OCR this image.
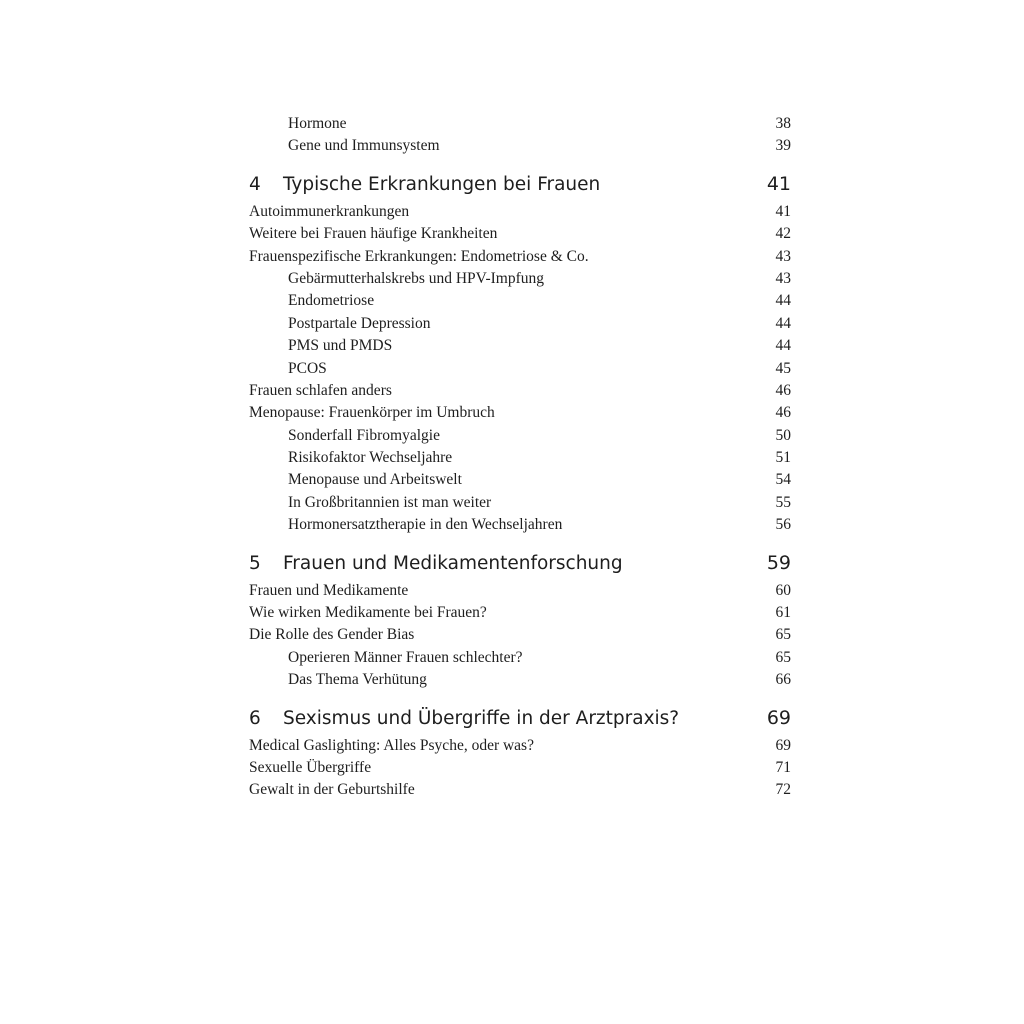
Hormone	38
Gene und Immunsystem	39
4 Typische Erkrankungen bei Frauen	41
Autoimmunerkrankungen	41
Weitere bei Frauen häufige Krankheiten	42
Frauenspezifische Erkrankungen: Endometriose & Co.	43
Gebärmutterhalskrebs und HPV-Impfung	43
Endometriose	44
Postpartale Depression	44
PMS und PMDS	44
PCOS	45
Frauen schlafen anders	46
Menopause: Frauenkörper im Umbruch	46
Sonderfall Fibromyalgie	50
Risikofaktor Wechseljahre	51
Menopause und Arbeitswelt	54
In Großbritannien ist man weiter	55
Hormonersatztherapie in den Wechseljahren	56
5 Frauen und Medikamentenforschung	59
Frauen und Medikamente	60
Wie wirken Medikamente bei Frauen?	61
Die Rolle des Gender Bias	65
Operieren Männer Frauen schlechter?	65
Das Thema Verhütung	66
6 Sexismus und Übergriffe in der Arztpraxis?	69
Medical Gaslighting: Alles Psyche, oder was?	69
Sexuelle Übergriffe	71
Gewalt in der Geburtshilfe	72
